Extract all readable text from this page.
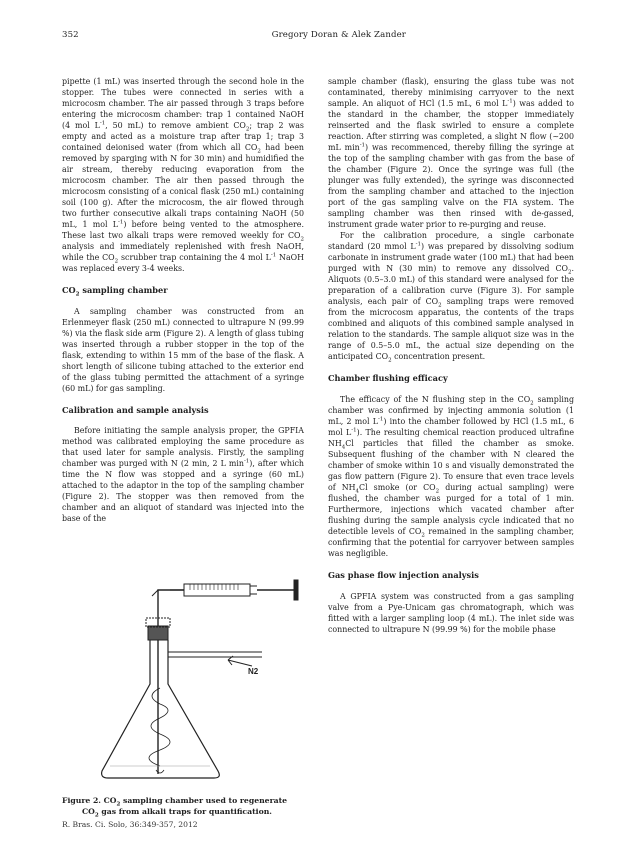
352	Gregory Doran & Alek Zander

pipette (1 mL) was inserted through the second hole in the stopper. The tubes were connected in series with a microcosm chamber. The air passed through 3 traps before entering the microcosm chamber: trap 1 contained NaOH (4 mol $L^{-1}$, 50 mL) to remove ambient $CO_2$; trap 2 was empty and acted as a moisture trap after trap 1; trap 3 contained deionised water (from which all $CO_2$ had been removed by sparging with N for 30 min) and humidified the air stream, thereby reducing evaporation from the microcosm chamber. The air then passed through the microcosm consisting of a conical flask (250 mL) containing soil (100 g). After the microcosm, the air flowed through two further consecutive alkali traps containing NaOH (50 mL, 1 mol $L^{-1}$) before being vented to the atmosphere. These last two alkali traps were removed weekly for $CO_2$ analysis and immediately replenished with fresh NaOH, while the $CO_2$ scrubber trap containing the 4 mol $L^{-1}$ NaOH was replaced every 3-4 weeks.

$CO_2$ sampling chamber

A sampling chamber was constructed from an Erlenmeyer flask (250 mL) connected to ultrapure N (99.99 %) via the flask side arm (Figure 2). A length of glass tubing was inserted through a rubber stopper in the top of the flask, extending to within 15 mm of the base of the flask. A short length of silicone tubing attached to the exterior end of the glass tubing permitted the attachment of a syringe (60 mL) for gas sampling.

Calibration and sample analysis

Before initiating the sample analysis proper, the GPFIA method was calibrated employing the same procedure as that used later for sample analysis. Firstly, the sampling chamber was purged with N (2 min, 2 L $\min^{-1}$), after which time the N flow was stopped and a syringe (60 mL) attached to the adaptor in the top of the sampling chamber (Figure 2). The stopper was then removed from the chamber and an aliquot of standard was injected into the base of the

N2
Figure 2. $CO_2$ sampling chamber used to regenerate
$CO_2$ gas from alkali traps for quantification.

sample chamber (flask), ensuring the glass tube was not contaminated, thereby minimising carryover to the next sample. An aliquot of HCl (1.5 mL, 6 mol $L^{-1}$) was added to the standard in the chamber, the stopper immediately reinserted and the flask swirled to ensure a complete reaction. After stirring was completed, a slight N flow (~200 mL $\min^{-1}$) was recommenced, thereby filling the syringe at the top of the sampling chamber with gas from the base of the chamber (Figure 2). Once the syringe was full (the plunger was fully extended), the syringe was disconnected from the sampling chamber and attached to the injection port of the gas sampling valve on the FIA system. The sampling chamber was then rinsed with de-gassed, instrument grade water prior to re-purging and reuse.

For the calibration procedure, a single carbonate standard (20 mmol $L^{-1}$) was prepared by dissolving sodium carbonate in instrument grade water (100 mL) that had been purged with N (30 min) to remove any dissolved $CO_2$. Aliquots (0.5–3.0 mL) of this standard were analysed for the preparation of a calibration curve (Figure 3). For sample analysis, each pair of $CO_2$ sampling traps were removed from the microcosm apparatus, the contents of the traps combined and aliquots of this combined sample analysed in relation to the standards. The sample aliquot size was in the range of 0.5–5.0 mL, the actual size depending on the anticipated $CO_2$ concentration present.

Chamber flushing efficacy

The efficacy of the N flushing step in the $CO_2$ sampling chamber was confirmed by injecting ammonia solution (1 mL, 2 mol $L^{-1}$) into the chamber followed by HCl (1.5 mL, 6 mol $L^{-1}$). The resulting chemical reaction produced ultrafine $NH_4Cl$ particles that filled the chamber as smoke. Subsequent flushing of the chamber with N cleared the chamber of smoke within 10 s and visually demonstrated the gas flow pattern (Figure 2). To ensure that even trace levels of $NH_4Cl$ smoke (or $CO_2$ during actual sampling) were flushed, the chamber was purged for a total of 1 min. Furthermore, injections which vacated chamber after flushing during the sample analysis cycle indicated that no detectible levels of $CO_2$ remained in the sampling chamber, confirming that the potential for carryover between samples was negligible.

Gas phase flow injection analysis

A GPFIA system was constructed from a gas sampling valve from a Pye-Unicam gas chromatograph, which was fitted with a larger sampling loop (4 mL). The inlet side was connected to ultrapure N (99.99 %) for the mobile phase

R. Bras. Ci. Solo, 36:349-357, 2012
